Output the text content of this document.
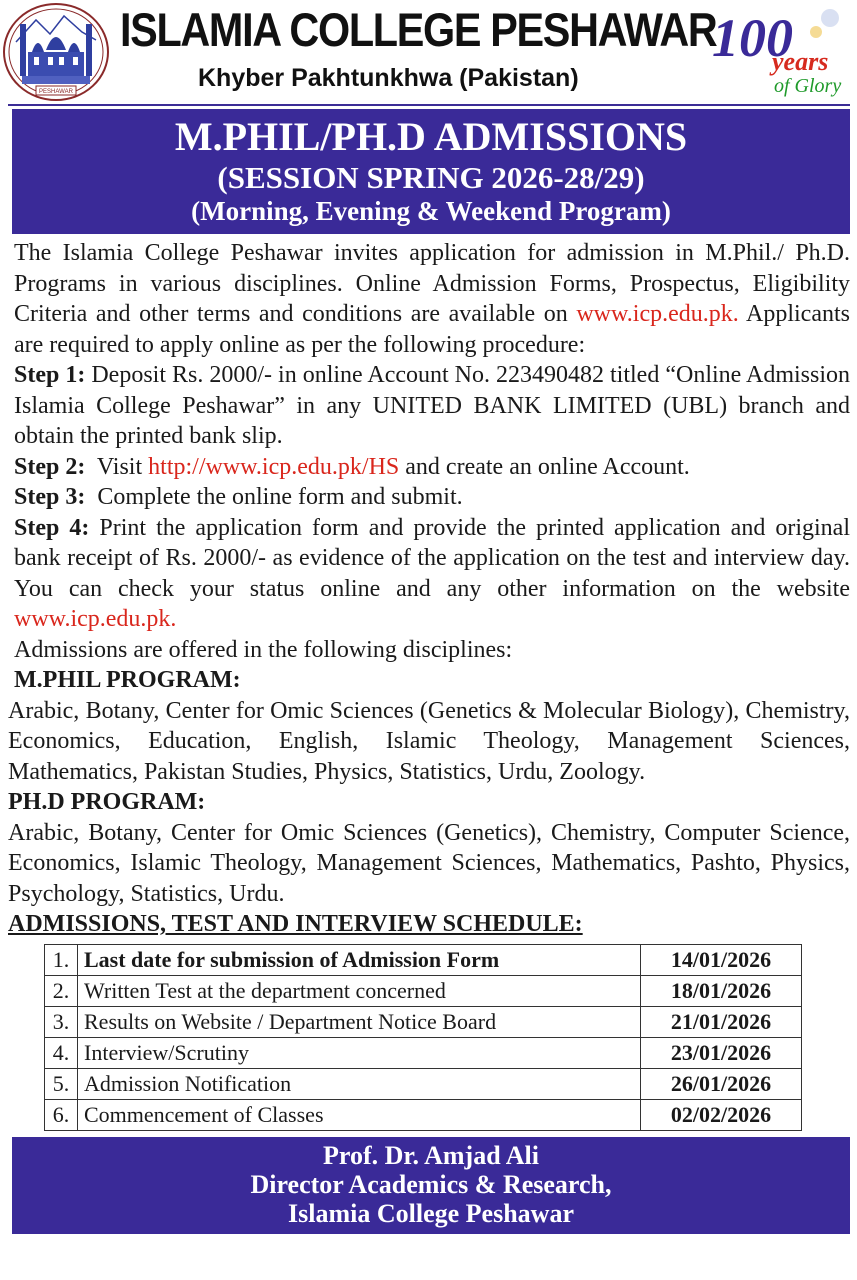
PESHAWAR
ISLAMIA COLLEGE PESHAWAR
Khyber Pakhtunkhwa (Pakistan)
100
years
of Glory
M.PHIL/PH.D ADMISSIONS
(SESSION SPRING 2026-28/29)
(Morning, Evening & Weekend Program)

The Islamia College Peshawar invites application for admission in M.Phil./ Ph.D. Programs in various disciplines. Online Admission Forms, Prospectus, Eligibility Criteria and other terms and conditions are available on www.icp.edu.pk. Applicants are required to apply online as per the following procedure:

Step 1: Deposit Rs. 2000/- in online Account No. 223490482 titled “Online Admission Islamia College Peshawar” in any UNITED BANK LIMITED (UBL) branch and obtain the printed bank slip.

Step 2:  Visit http://www.icp.edu.pk/HS and create an online Account.

Step 3:  Complete the online form and submit.

Step 4: Print the application form and provide the printed application and original bank receipt of Rs. 2000/- as evidence of the application on the test and interview day. You can check your status online and any other information on the website www.icp.edu.pk.

Admissions are offered in the following disciplines:

M.PHIL PROGRAM:

Arabic, Botany, Center for Omic Sciences (Genetics & Molecular Biology), Chemistry, Economics, Education, English, Islamic Theology, Management Sciences, Mathematics, Pakistan Studies, Physics, Statistics, Urdu, Zoology.

PH.D PROGRAM:

Arabic, Botany, Center for Omic Sciences (Genetics), Chemistry, Computer Science, Economics, Islamic Theology, Management Sciences, Mathematics, Pashto, Physics, Psychology, Statistics, Urdu.

ADMISSIONS, TEST AND INTERVIEW SCHEDULE:

1.	Last date for submission of Admission Form	14/01/2026
2.	Written Test at the department concerned	18/01/2026
3.	Results on Website / Department Notice Board	21/01/2026
4.	Interview/Scrutiny	23/01/2026
5.	Admission Notification	26/01/2026
6.	Commencement of Classes	02/02/2026
Prof. Dr. Amjad Ali
Director Academics & Research,
Islamia College Peshawar
